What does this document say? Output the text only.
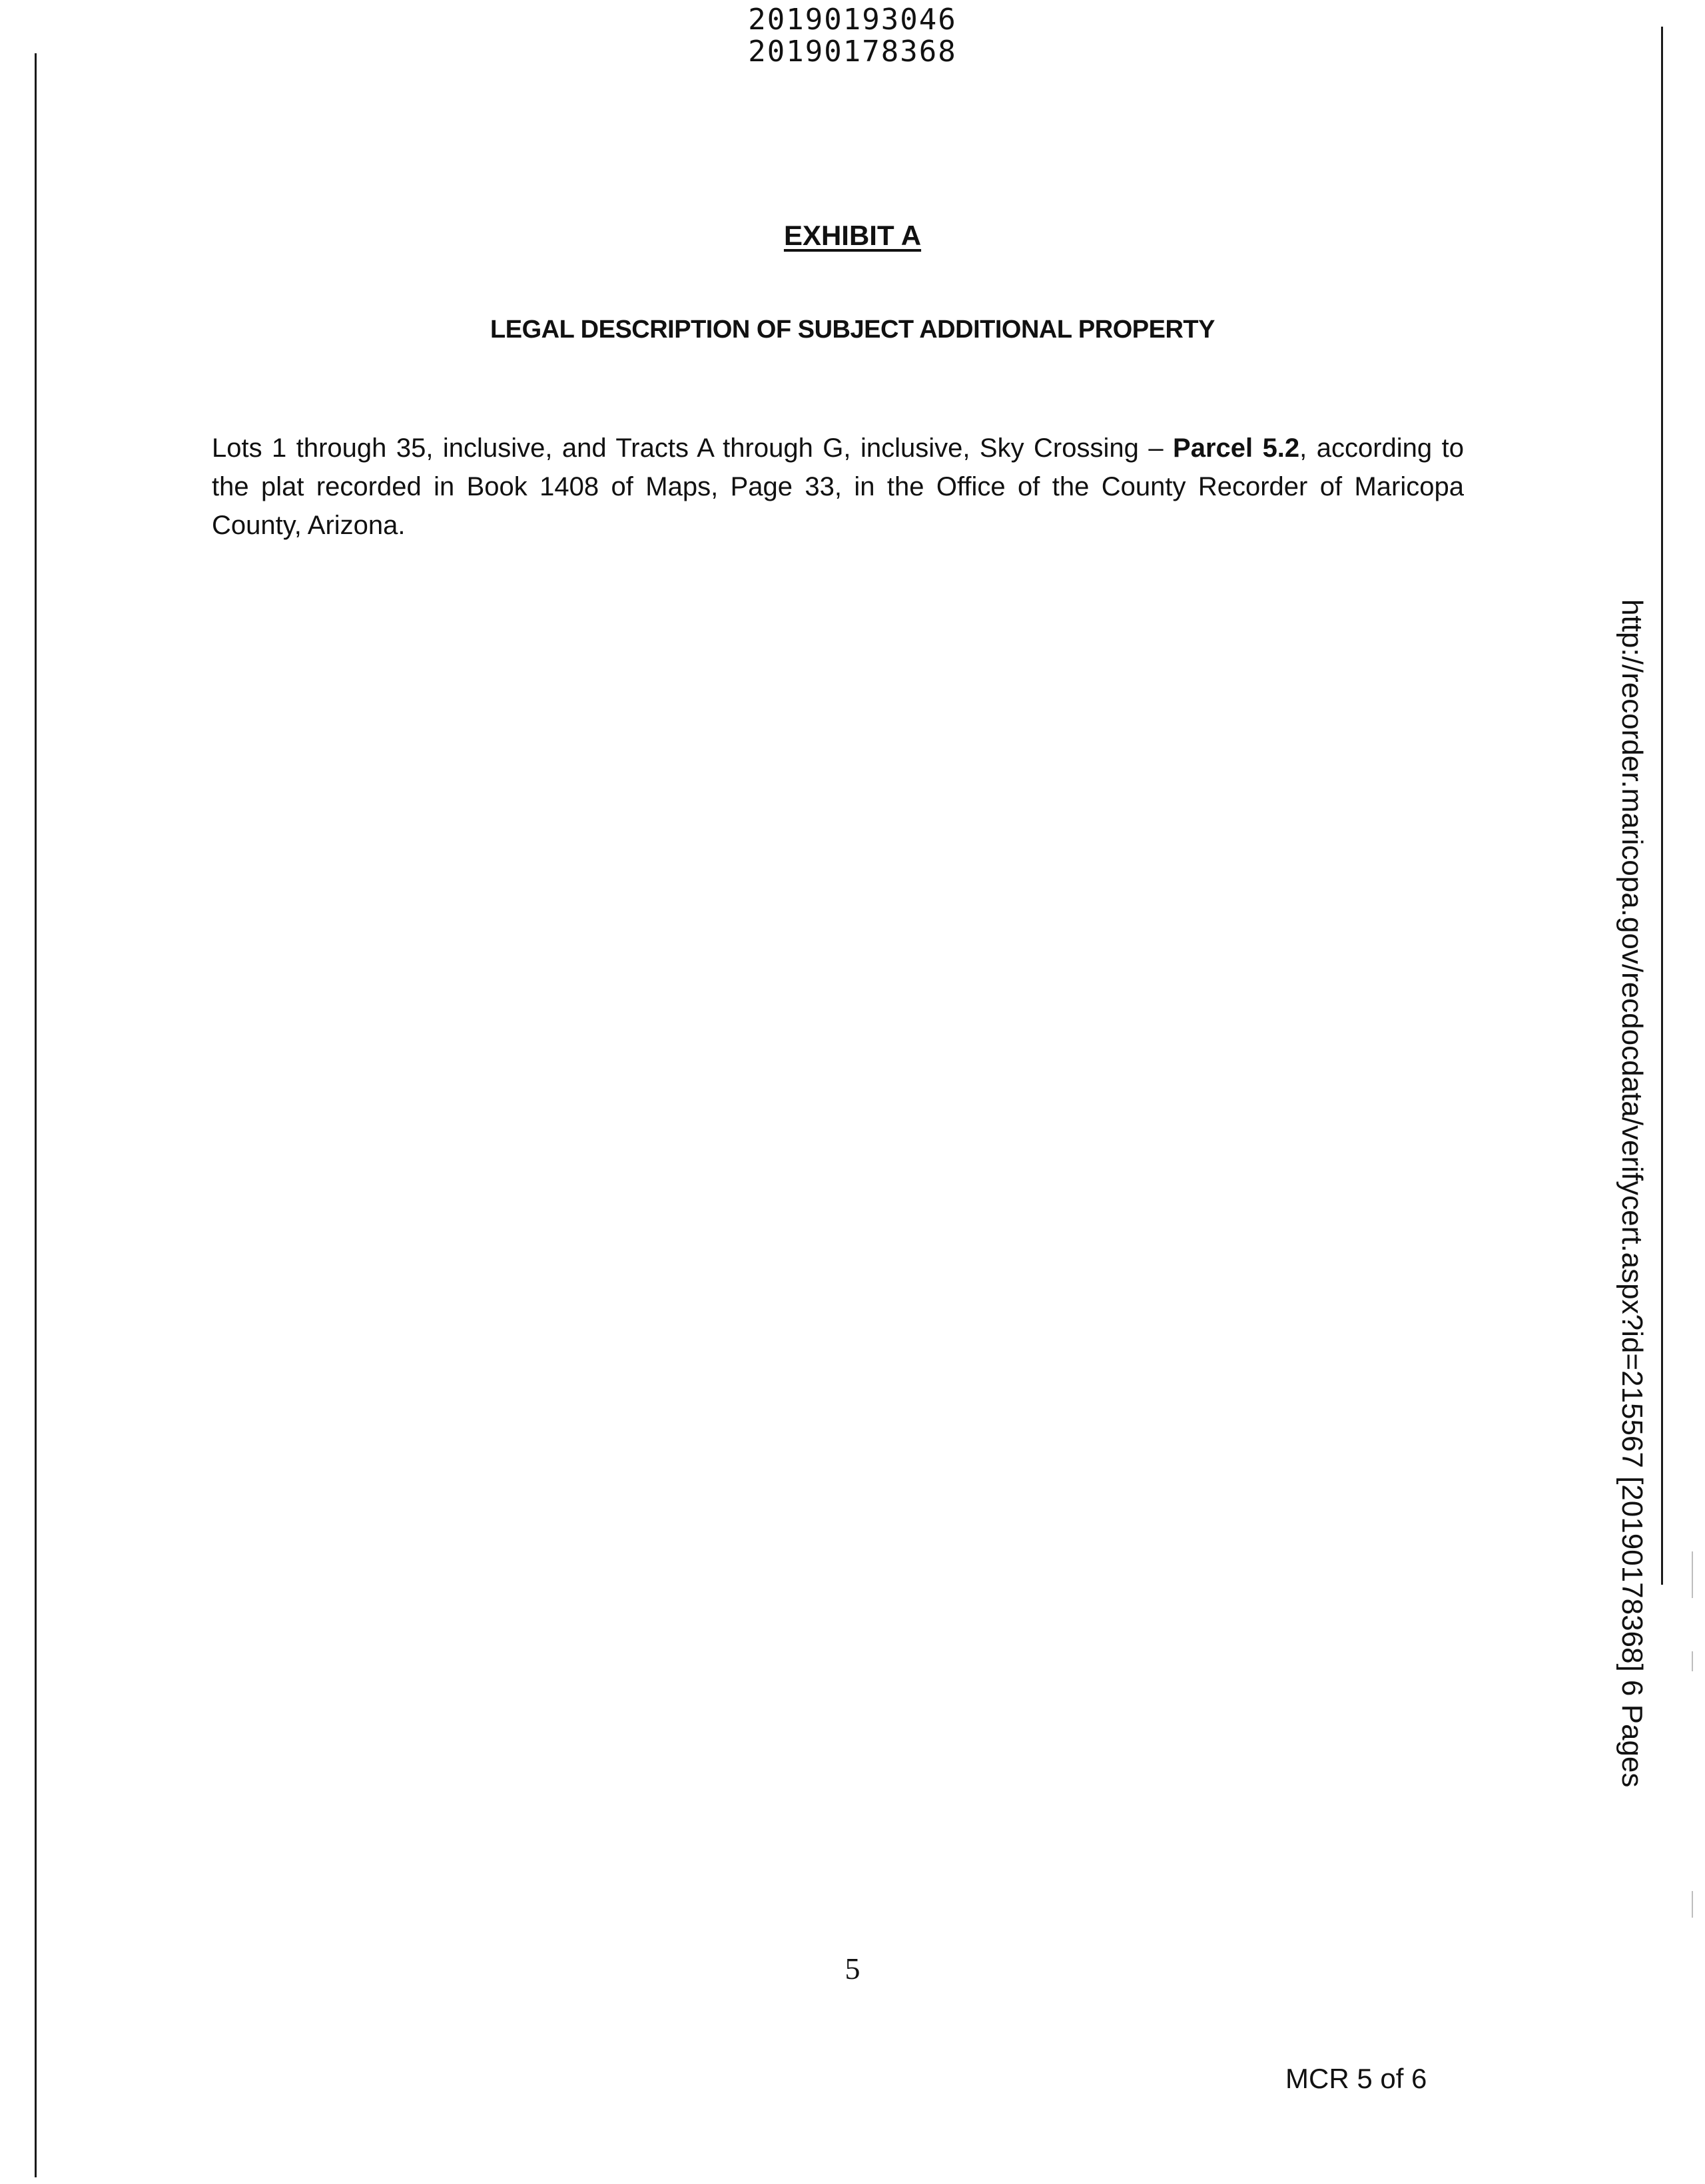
20190193046
20190178368
EXHIBIT A
LEGAL DESCRIPTION OF SUBJECT ADDITIONAL PROPERTY
Lots 1 through 35, inclusive, and Tracts A through G, inclusive, Sky Crossing – Parcel 5.2, according to the plat recorded in Book 1408 of Maps, Page 33, in the Office of the County Recorder of Maricopa County, Arizona.
http://recorder.maricopa.gov/recdocdata/verifycert.aspx?id=215567 [20190178368] 6 Pages
5
MCR 5 of 6
